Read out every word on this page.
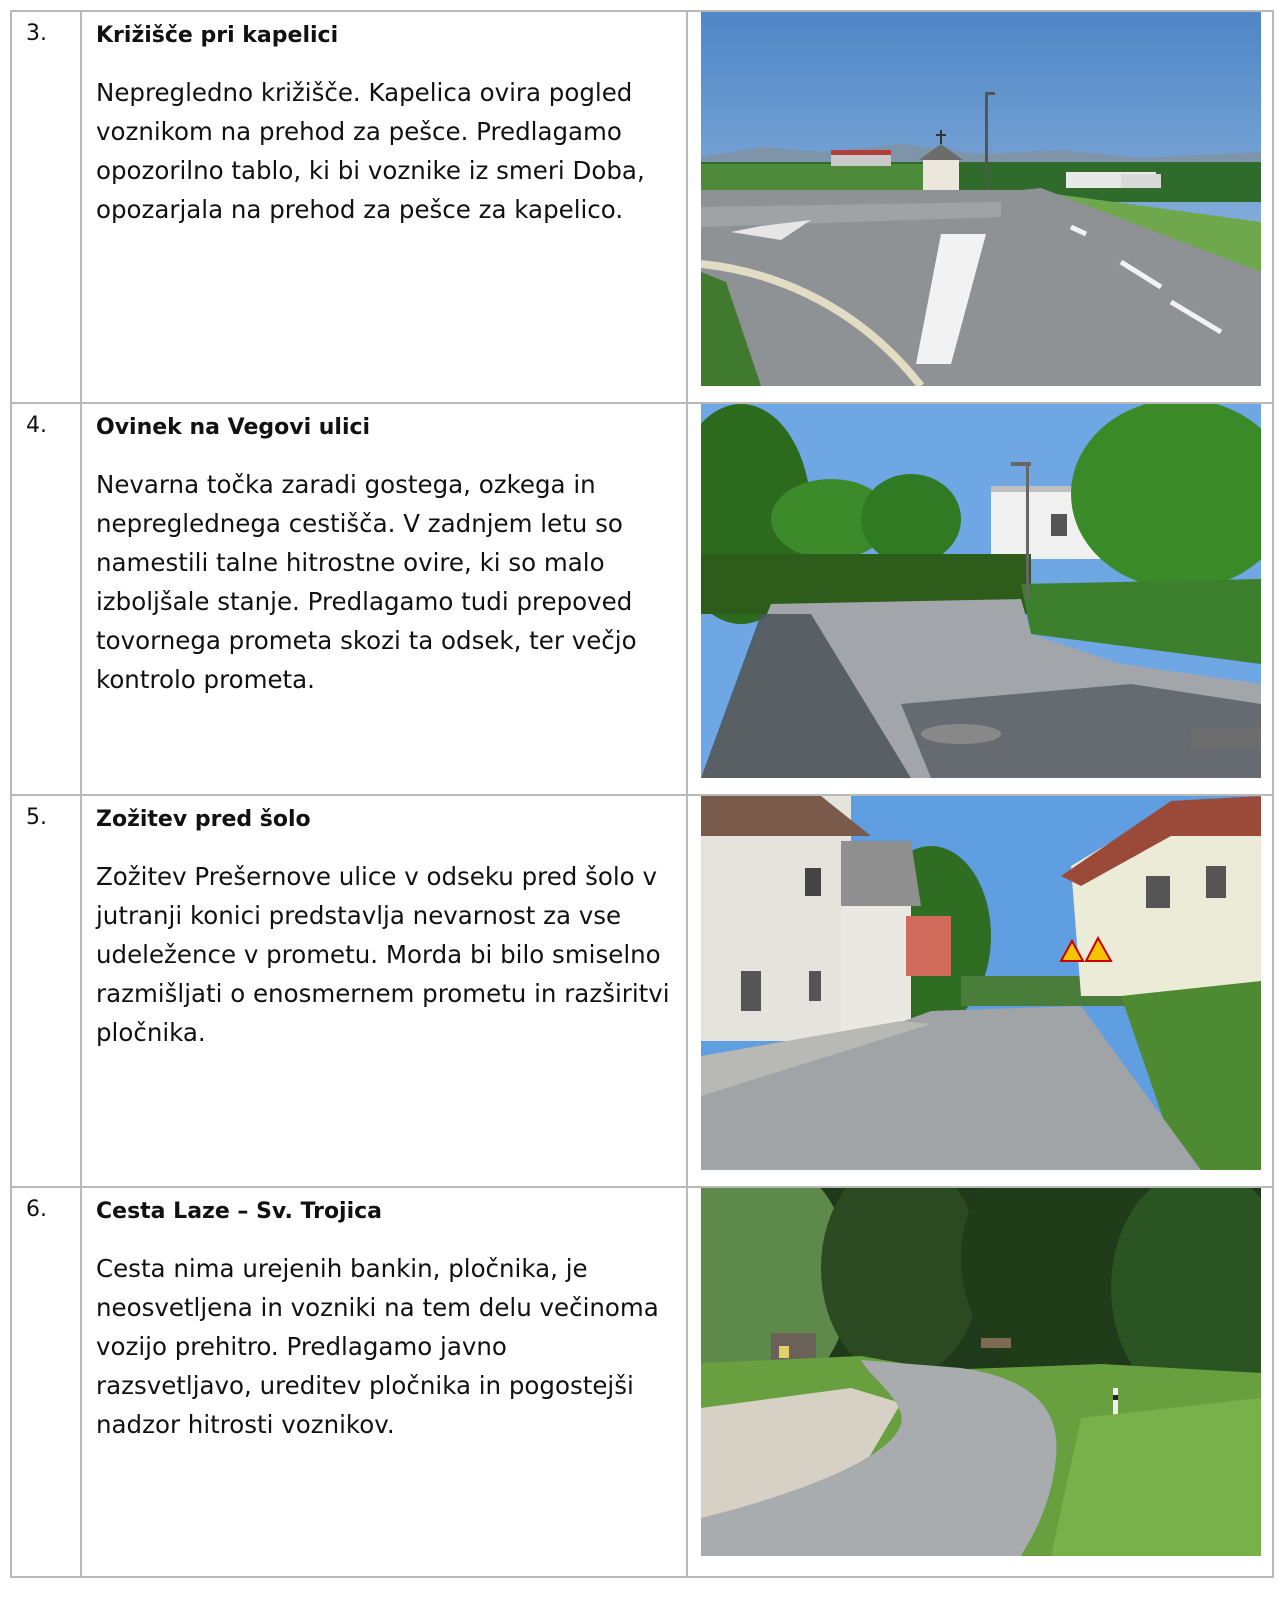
3.	Križišče pri kapelici
Nepregledno križišče. Kapelica ovira pogled voznikom na prehod za pešce. Predlagamo opozorilno tablo, ki bi voznike iz smeri Doba, opozarjala na prehod za pešce za kapelico.

4.	Ovinek na Vegovi ulici
Nevarna točka zaradi gostega, ozkega in nepreglednega cestišča. V zadnjem letu so namestili talne hitrostne ovire, ki so malo izboljšale stanje. Predlagamo tudi prepoved tovornega prometa skozi ta odsek, ter večjo kontrolo prometa.

5.	Zožitev pred šolo
Zožitev Prešernove ulice v odseku pred šolo v jutranji konici predstavlja nevarnost za vse udeležence v prometu. Morda bi bilo smiselno razmišljati o enosmernem prometu in razširitvi pločnika.

6.	Cesta Laze – Sv. Trojica
Cesta nima urejenih bankin, pločnika, je neosvetljena in vozniki na tem delu večinoma vozijo prehitro. Predlagamo javno razsvetljavo, ureditev pločnika in pogostejši nadzor hitrosti voznikov.
